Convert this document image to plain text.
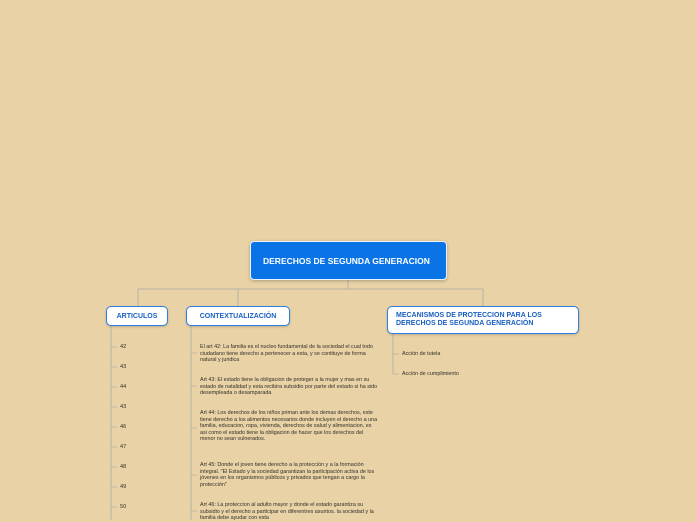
DERECHOS DE SEGUNDA GENERACION
ARTICULOS	CONTEXTUALIZACIÓN	MECANISMOS DE PROTECCION PARA LOS DERECHOS DE SEGUNDA GENERACIÓN
42
43
44
43
46
47
48
49
50
El art 42: La familia es el nucleo fundamental de la sociedad el cual todo ciudadano tiene derecho a pertenecer a esta, y se contituye de forma natural y juridica
Art 43: El estado tiene la obligacion de proteger a la mujer y mas en su estado de natalidad y esta recibira subsidio por parte del estado si ha sido desempleada o desamparada
Art 44: Los derechos de los niños priman ante los demas derechos, este tiene derecho a los alimentos necesarios donde incluyen el derecho a una familia, educacion, ropa, vivienda, derechos de salud y alimentacion, es asi como el estado tiene la obligacion de hacer que los derechos del menor no sean vulnerados.
Art 45: Donde el joven tiene derecho a la protección y a la formación integral. "El Estado y la sociedad garantizan la participación activa de los jóvenes en los organismos públicos y privados que tengan a cargo la protección"
Art 46: La proteccion al adulto mayor y donde el estado garantiza su subsidio y el derecho a participar en diferentres asuntos. la sociedad y la familia debe ayudar con esta
Acción de tutela
Acción de cumplimiento
